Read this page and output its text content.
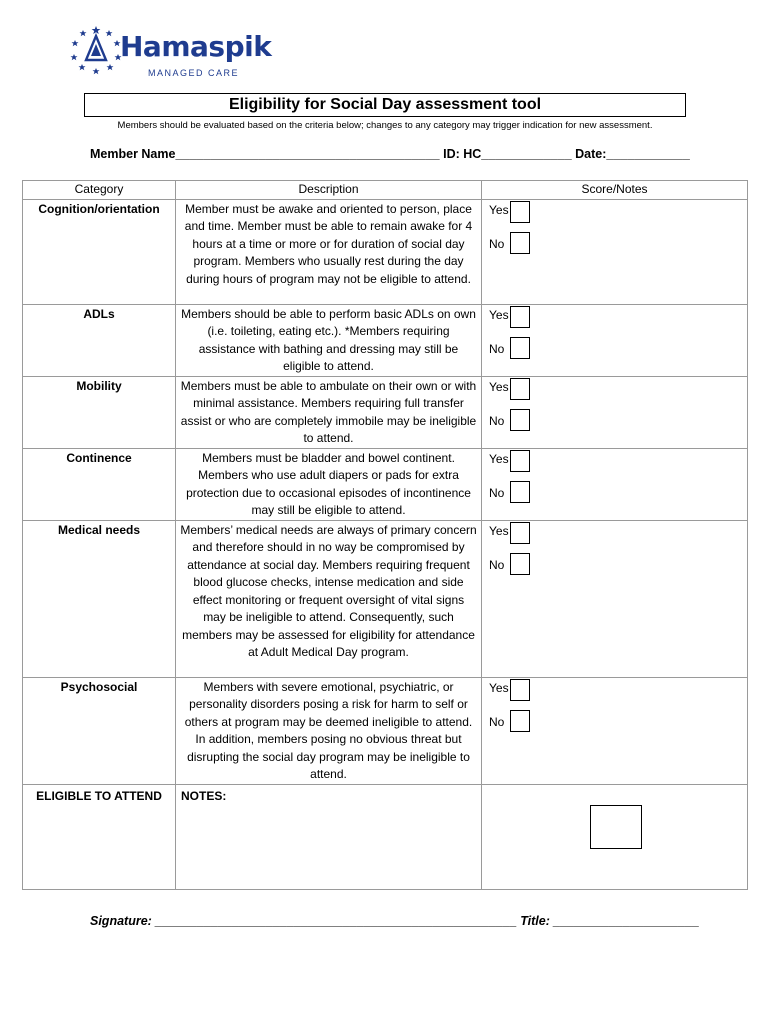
Hamaspik
MANAGED CARE
Eligibility for Social Day assessment tool
Members should be evaluated based on the criteria below; changes to any category may trigger indication for new assessment.
Member Name______________________________________ ID: HC_____________ Date:____________
Category	Description	Score/Notes
Cognition/orientation	Member must be awake and oriented to person, place and time. Member must be able to remain awake for 4 hours at a time or more or for duration of social day program. Members who usually rest during the day during hours of program may not be eligible to attend.	Yes
No

ADLs	Members should be able to perform basic ADLs on own (i.e. toileting, eating etc.). *Members requiring assistance with bathing and dressing may still be eligible to attend.	Yes
No

Mobility	Members must be able to ambulate on their own or with minimal assistance. Members requiring full transfer assist or who are completely immobile may be ineligible to attend.	Yes
No

Continence	Members must be bladder and bowel continent. Members who use adult diapers or pads for extra protection due to occasional episodes of incontinence may still be eligible to attend.	Yes
No

Medical needs	Members’ medical needs are always of primary concern and therefore should in no way be compromised by attendance at social day. Members requiring frequent blood glucose checks, intense medication and side effect monitoring or frequent oversight of vital signs may be ineligible to attend. Consequently, such members may be assessed for eligibility for attendance at Adult Medical Day program.	Yes
No

Psychosocial	Members with severe emotional, psychiatric, or personality disorders posing a risk for harm to self or others at program may be deemed ineligible to attend. In addition, members posing no obvious threat but disrupting the social day program may be ineligible to attend.	Yes
No

ELIGIBLE TO ATTEND	NOTES:	
Signature: ____________________________________________________ Title: _____________________
